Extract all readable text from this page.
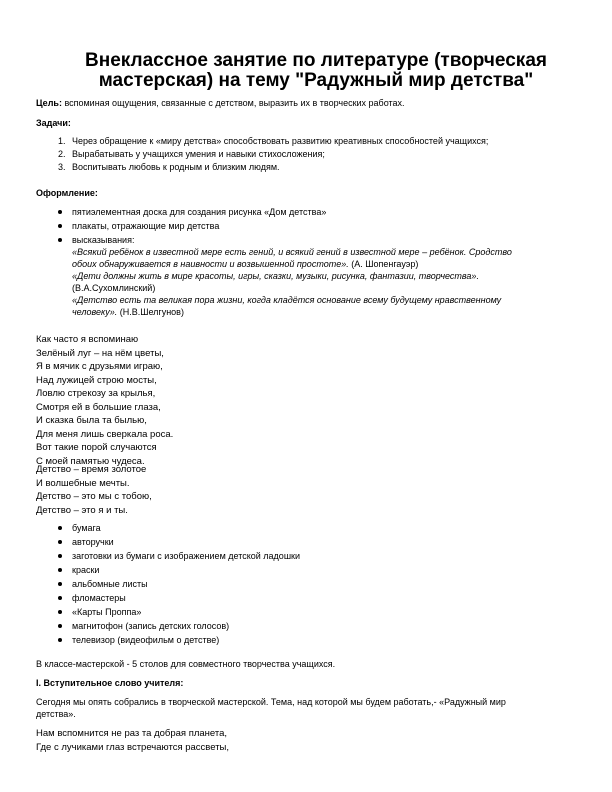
Внеклассное занятие по литературе (творческая
мастерская) на тему "Радужный мир детства"
Цель: вспоминая ощущения, связанные с детством, выразить их в творческих работах.
Задачи:
1. Через обращение к «миру детства» способствовать развитию креативных способностей учащихся;
2. Вырабатывать у учащихся умения и навыки стихосложения;
3. Воспитывать любовь к родным и близким людям.
Оформление:
пятиэлементная доска для создания рисунка «Дом детства»
плакаты, отражающие мир детства
высказывания:
«Всякий ребёнок в известной мере есть гений, и всякий гений в известной мере – ребёнок. Сродство
обоих обнаруживается в наивности и возвышенной простоте». (А. Шопенгауэр)
«Дети должны жить в мире красоты, игры, сказки, музыки, рисунка, фантазии, творчества».
(В.А.Сухомлинский)
«Детство есть та великая пора жизни, когда кладётся основание всему будущему нравственному
человеку». (Н.В.Шелгунов)
Как часто я вспоминаю
Зелёный луг – на нём цветы,
Я в мячик с друзьями играю,
Над лужицей строю мосты,
Ловлю стрекозу за крылья,
Смотря ей в большие глаза,
И сказка была та былью,
Для меня лишь сверкала роса.
Вот такие порой случаются
С моей памятью чудеса.
Детство – время золотое
И волшебные мечты.
Детство – это мы с тобою,
Детство – это я и ты.
бумага
авторучки
заготовки из бумаги с изображением детской ладошки
краски
альбомные листы
фломастеры
«Карты Проппа»
магнитофон (запись детских голосов)
телевизор (видеофильм о детстве)
В классе-мастерской - 5 столов для совместного творчества учащихся.
I. Вступительное слово учителя:
Сегодня мы опять собрались в творческой мастерской. Тема, над которой мы будем работать,- «Радужный мир
детства».
Нам вспомнится не раз та добрая планета,
Где с лучиками глаз встречаются рассветы,
